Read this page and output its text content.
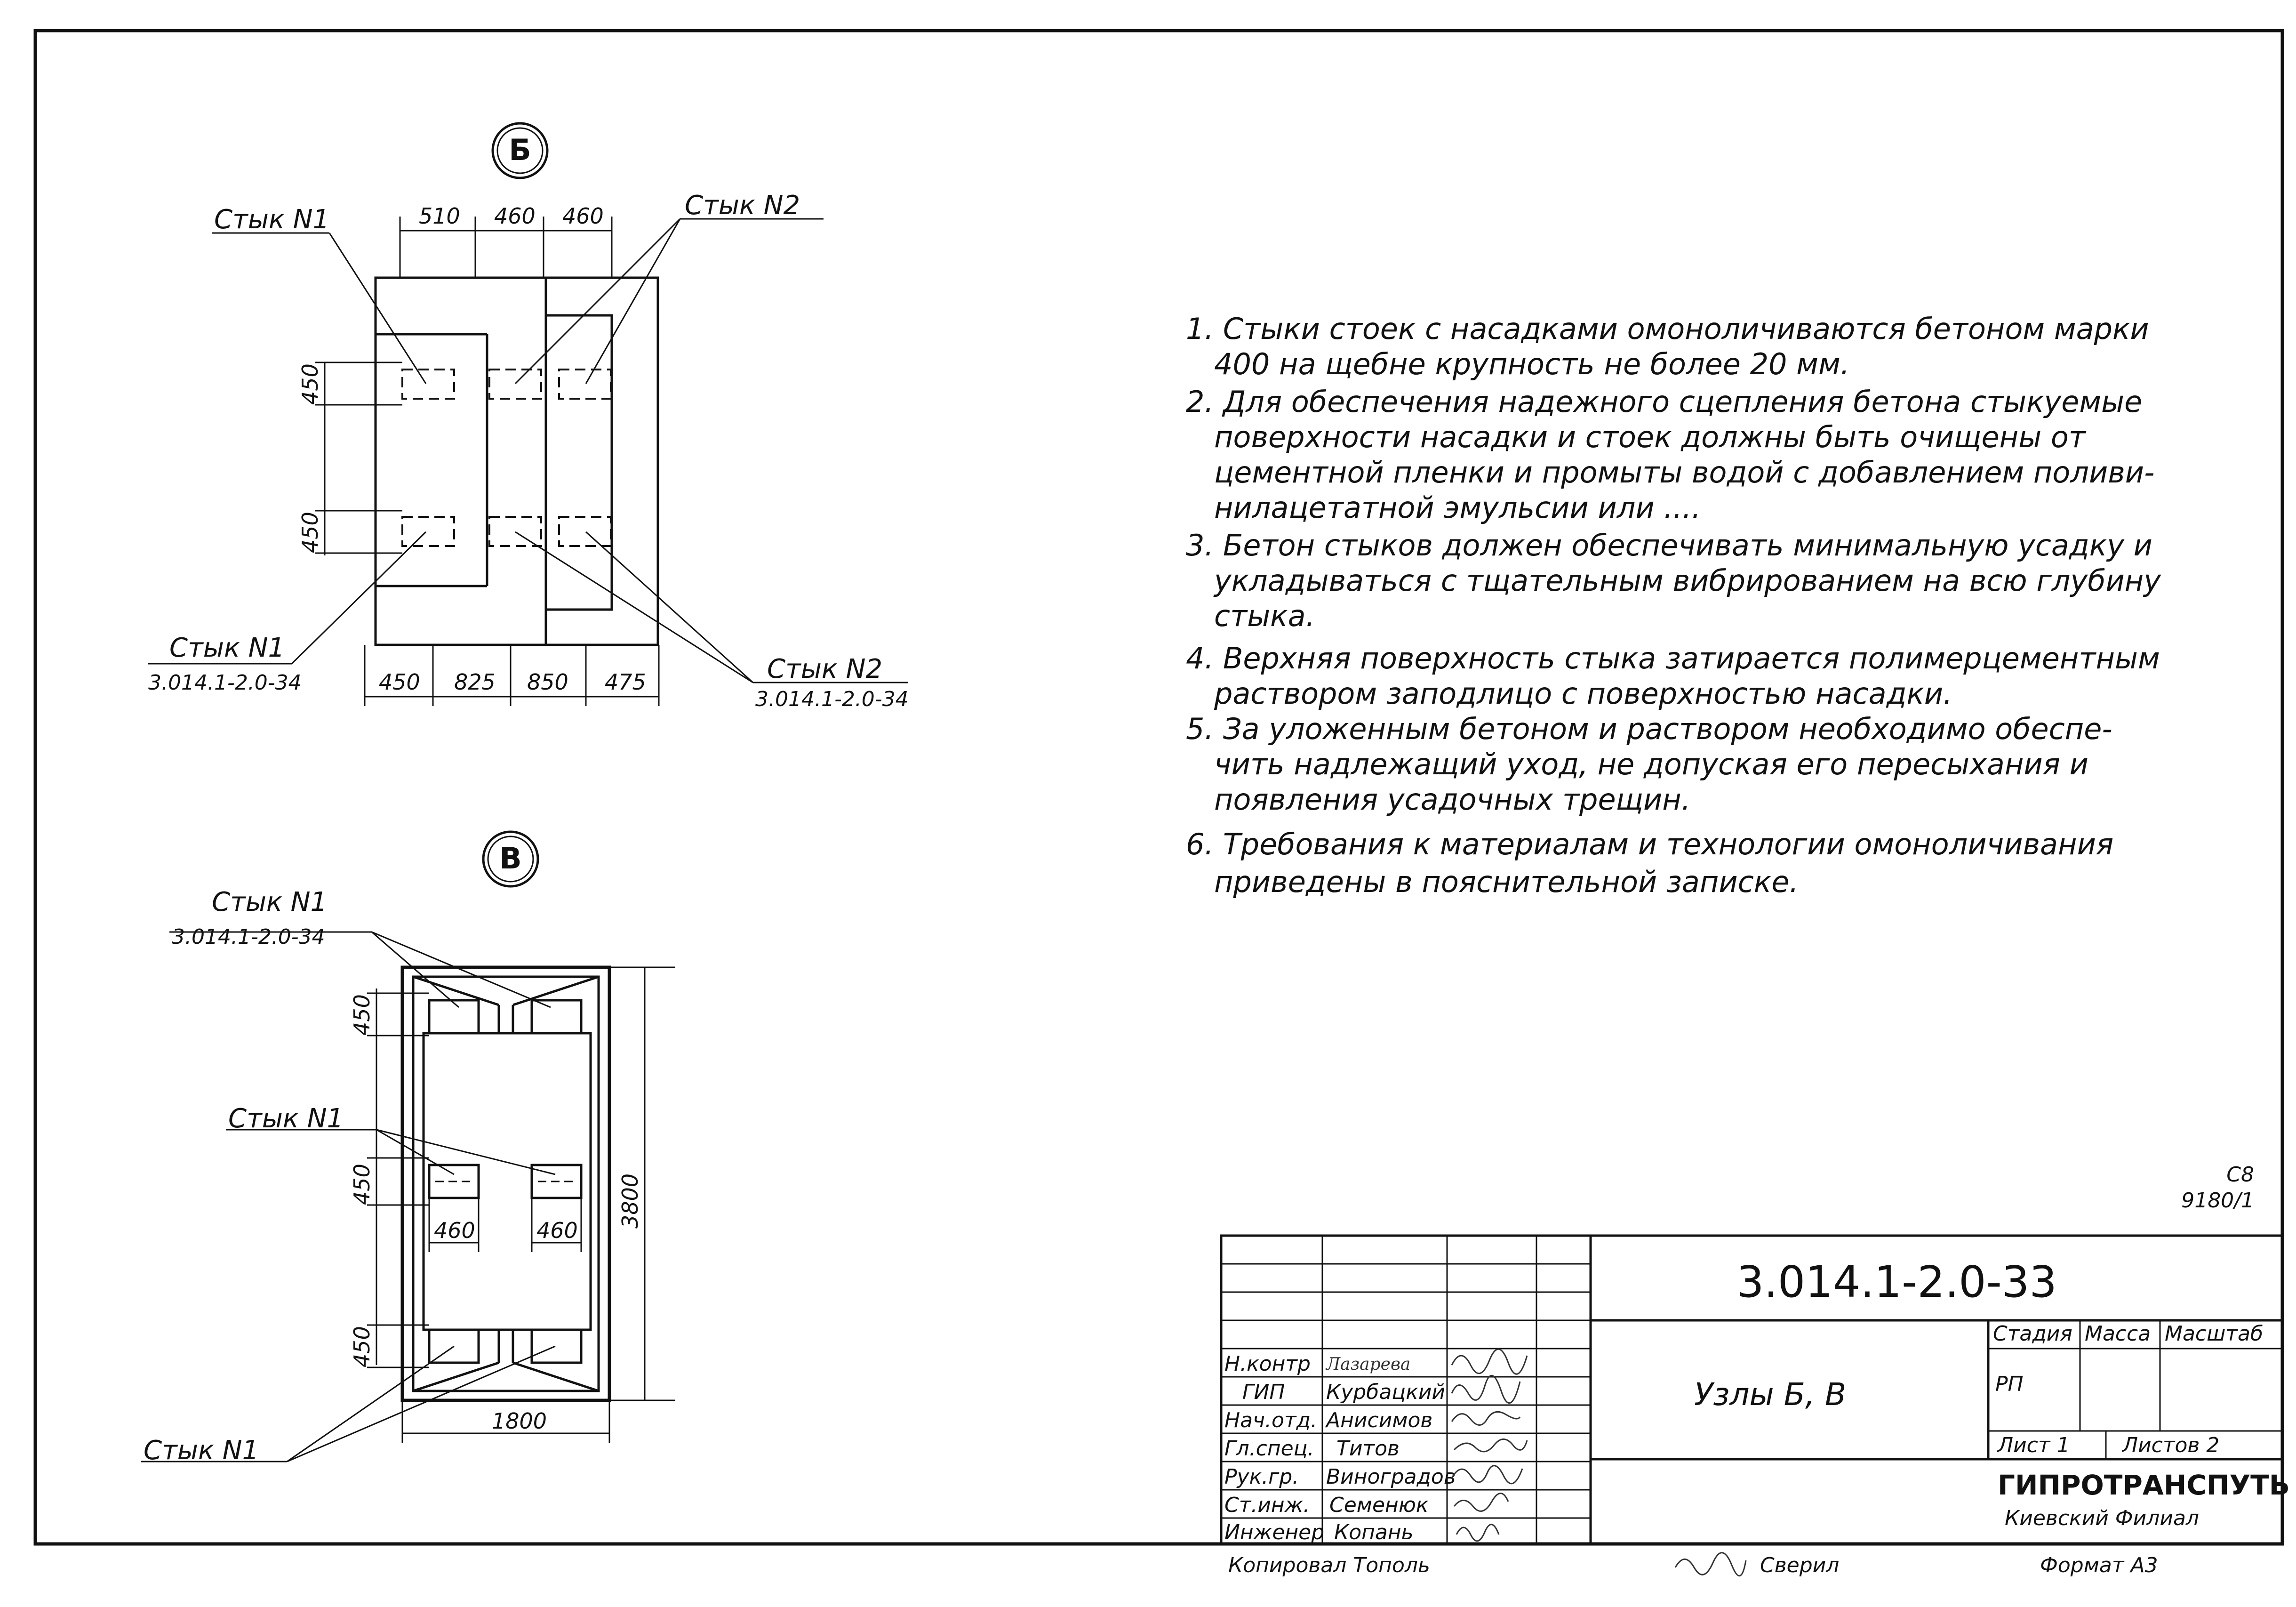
Б
Стык N1	Стык N2
Стык N1
3.014.1-2.0-34	Стык N2
3.014.1-2.0-34
510 460 460
450
450
450 825 850 475
В
Стык N1
3.014.1-2.0-34
Стык N1
Стык N1
450
450
450
460	460
1800
3800
1. Стыки стоек с насадками омоноличиваются бетоном марки
400 на щебне крупность не более 20 мм.
2. Для обеспечения надежного сцепления бетона стыкуемые
поверхности насадки и стоек должны быть очищены от
цементной пленки и промыты водой с добавлением поливи-
нилацетатной эмульсии или ....
3. Бетон стыков должен обеспечивать минимальную усадку и
укладываться с тщательным вибрированием на всю глубину
стыка.
4. Верхняя поверхность стыка затирается полимерцементным
раствором заподлицо с поверхностью насадки.
5. За уложенным бетоном и раствором необходимо обеспе-
чить надлежащий уход, не допуская его пересыхания и
появления усадочных трещин.
6. Требования к материалам и технологии омоноличивания
приведены в пояснительной записке.
С8
9180/1
3.014.1-2.0-33
Узлы Б, В
Стадия Масса Масштаб
РП
Лист 1	Листов 2
ГИПРОТРАНСПУТЬ
Киевский Филиал
Н.контр Лазарева
ГИП Курбацкий
Нач.отд. Анисимов
Гл.спец. Титов
Рук.гр. Виноградов
Ст.инж. Семенюк
Инженер Копань
Копировал Тополь	Сверил	Формат А3
